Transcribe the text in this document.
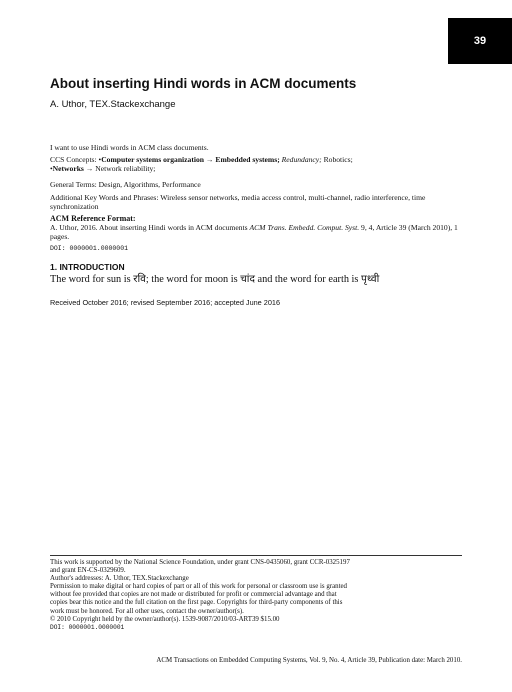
39
About inserting Hindi words in ACM documents
A. Uthor, TEX.Stackexchange
I want to use Hindi words in ACM class documents.
CCS Concepts: •Computer systems organization → Embedded systems; Redundancy; Robotics;
•Networks → Network reliability;
General Terms: Design, Algorithms, Performance
Additional Key Words and Phrases: Wireless sensor networks, media access control, multi-channel, radio interference, time synchronization
ACM Reference Format:
A. Uthor, 2016. About inserting Hindi words in ACM documents ACM Trans. Embedd. Comput. Syst. 9, 4, Article 39 (March 2010), 1 pages.
DOI: 0000001.0000001
1. INTRODUCTION
The word for sun is रवि; the word for moon is चांद and the word for earth is पृथ्वी
Received October 2016; revised September 2016; accepted June 2016
This work is supported by the National Science Foundation, under grant CNS-0435060, grant CCR-0325197
and grant EN-CS-0329609.
Author's addresses: A. Uthor, TEX.Stackexchange
Permission to make digital or hard copies of part or all of this work for personal or classroom use is granted
without fee provided that copies are not made or distributed for profit or commercial advantage and that
copies bear this notice and the full citation on the first page. Copyrights for third-party components of this
work must be honored. For all other uses, contact the owner/author(s).
© 2010 Copyright held by the owner/author(s). 1539-9087/2010/03-ART39 $15.00
DOI: 0000001.0000001
ACM Transactions on Embedded Computing Systems, Vol. 9, No. 4, Article 39, Publication date: March 2010.
